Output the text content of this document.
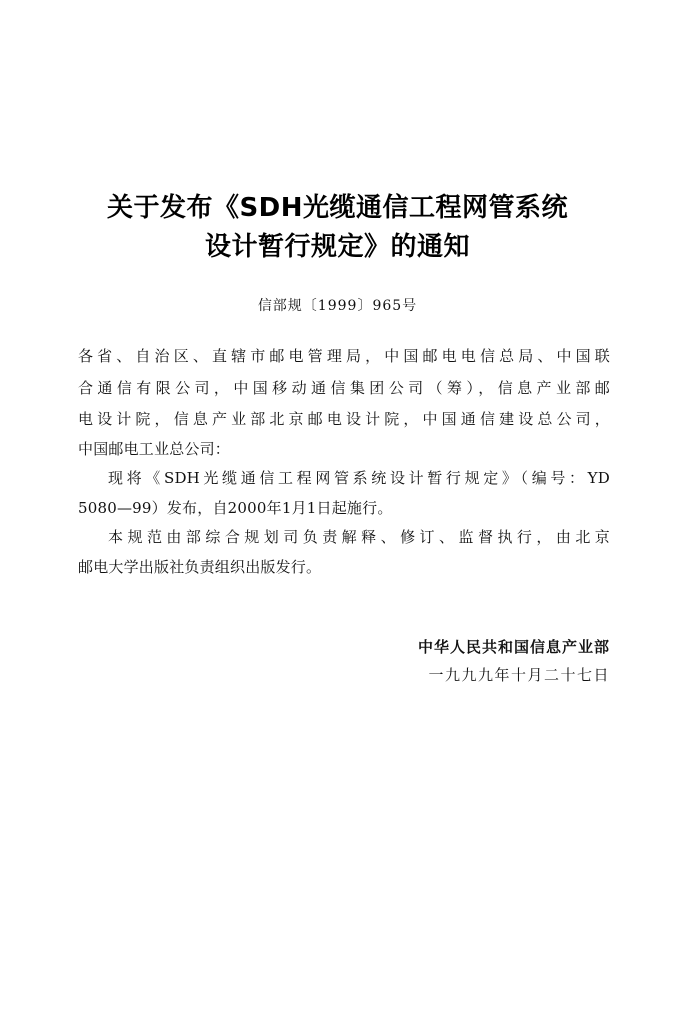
关于发布《SDH光缆通信工程网管系统
设计暂行规定》的通知
信部规〔1999〕965号
各省、自治区、直辖市邮电管理局，中国邮电电信总局、中国联
合通信有限公司，中国移动通信集团公司（筹），信息产业部邮
电设计院，信息产业部北京邮电设计院，中国通信建设总公司，
中国邮电工业总公司：
现将《SDH光缆通信工程网管系统设计暂行规定》（编号：YD
5080—99）发布，自2000年1月1日起施行。
本规范由部综合规划司负责解释、修订、监督执行，由北京
邮电大学出版社负责组织出版发行。
中华人民共和国信息产业部
一九九九年十月二十七日
